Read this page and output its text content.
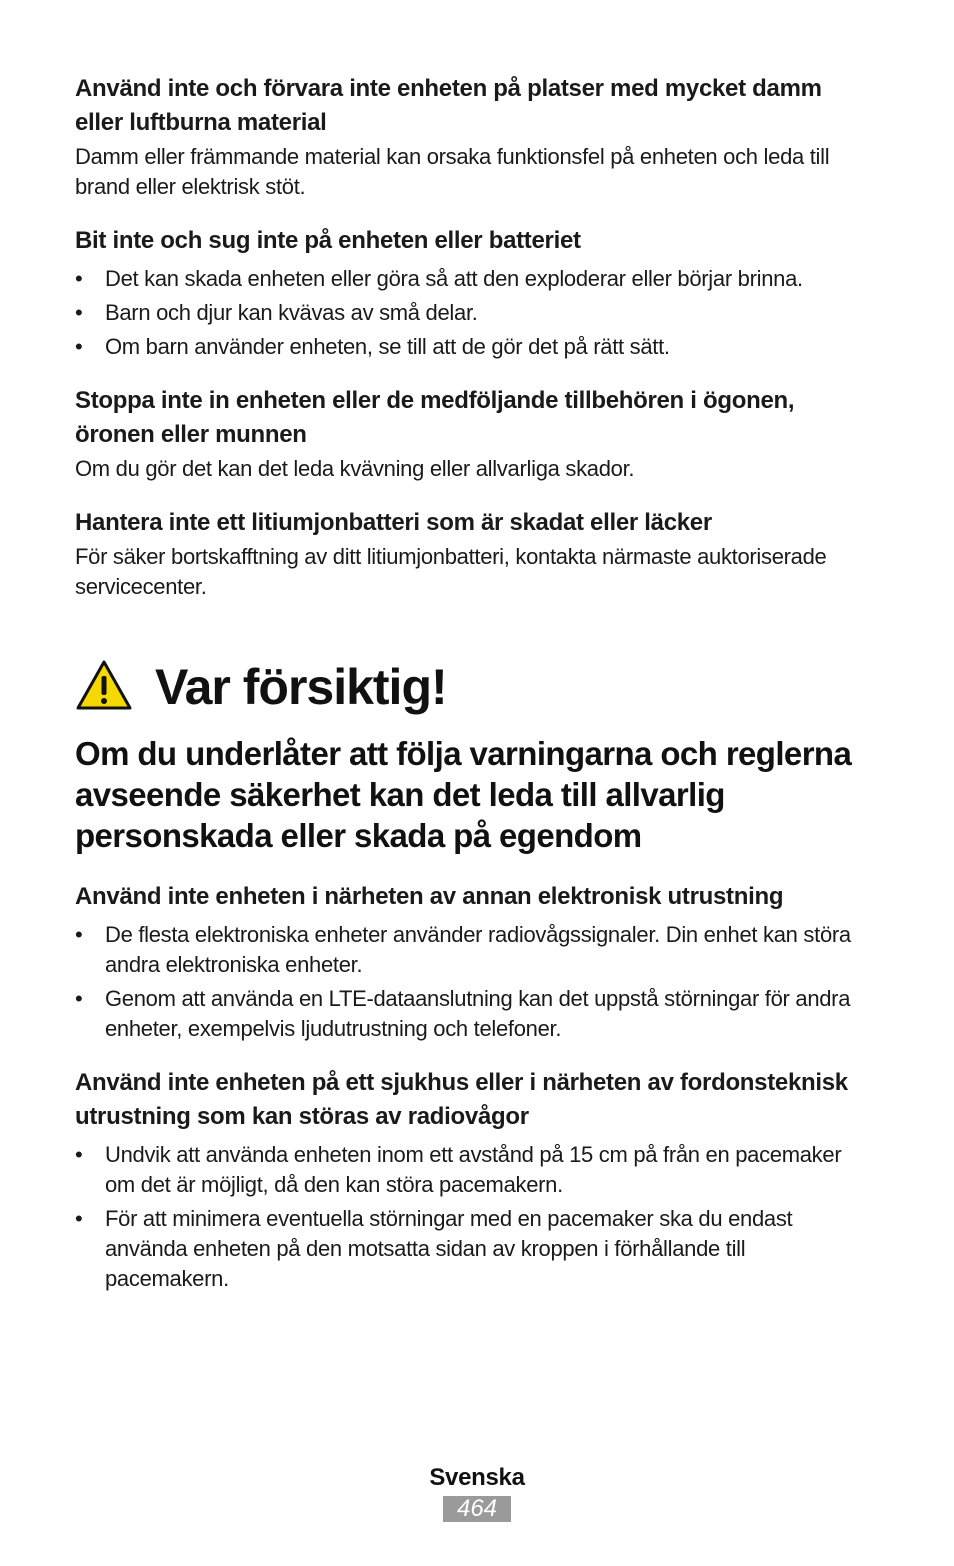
Använd inte och förvara inte enheten på platser med mycket damm eller luftburna material

Damm eller främmande material kan orsaka funktionsfel på enheten och leda till brand eller elektrisk stöt.

Bit inte och sug inte på enheten eller batteriet

• Det kan skada enheten eller göra så att den exploderar eller börjar brinna.
• Barn och djur kan kvävas av små delar.
• Om barn använder enheten, se till att de gör det på rätt sätt.

Stoppa inte in enheten eller de medföljande tillbehören i ögonen, öronen eller munnen

Om du gör det kan det leda kvävning eller allvarliga skador.

Hantera inte ett litiumjonbatteri som är skadat eller läcker

För säker bortskafftning av ditt litiumjonbatteri, kontakta närmaste auktoriserade servicecenter.

Var försiktig!
Om du underlåter att följa varningarna och reglerna avseende säkerhet kan det leda till allvarlig personskada eller skada på egendom

Använd inte enheten i närheten av annan elektronisk utrustning

• De flesta elektroniska enheter använder radiovågssignaler. Din enhet kan störa andra elektroniska enheter.
• Genom att använda en LTE-dataanslutning kan det uppstå störningar för andra enheter, exempelvis ljudutrustning och telefoner.

Använd inte enheten på ett sjukhus eller i närheten av fordonsteknisk utrustning som kan störas av radiovågor

• Undvik att använda enheten inom ett avstånd på 15 cm på från en pacemaker om det är möjligt, då den kan störa pacemakern.
• För att minimera eventuella störningar med en pacemaker ska du endast använda enheten på den motsatta sidan av kroppen i förhållande till pacemakern.
Svenska
464
